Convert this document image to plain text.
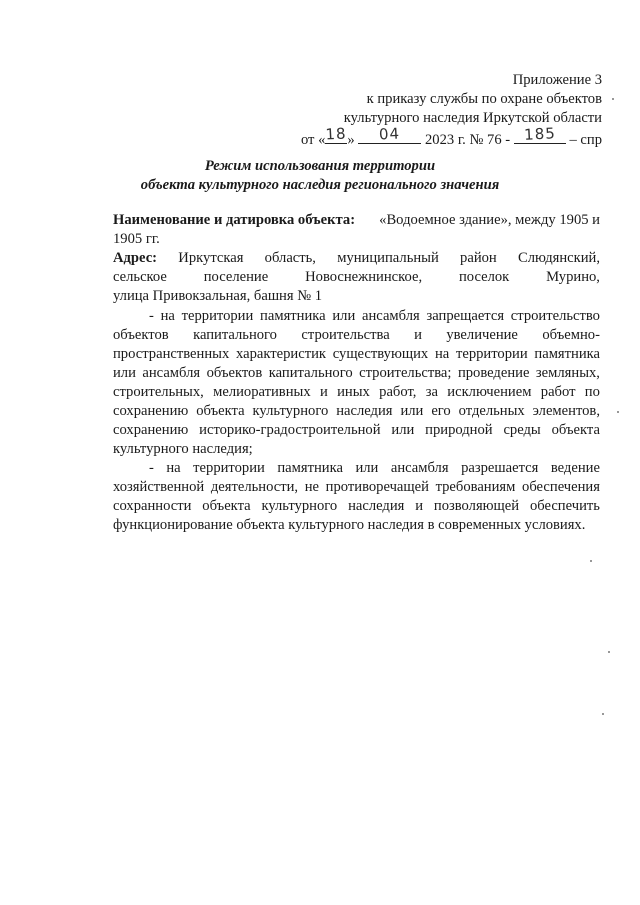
Приложение 3
к приказу службы по охране объектов
культурного наследия Иркутской области
от « 18 »	04	2023 г. № 76 - 185 – спр
Режим использования территории
объекта культурного наследия регионального значения
Наименование и датировка объекта: «Водоемное здание», между 1905 и
1905 гг.
Адрес: Иркутская область, муниципальный район Слюдянский,
сельское	поселение	Новоснежнинское,	поселок	Мурино,
улица Привокзальная, башня № 1
- на территории памятника или ансамбля запрещается строительство
объектов капитального строительства и увеличение объемно-
пространственных характеристик существующих на территории памятника
или ансамбля объектов капитального строительства; проведение земляных,
строительных, мелиоративных и иных работ, за исключением работ по
сохранению объекта культурного наследия или его отдельных элементов,
сохранению историко-градостроительной или природной среды объекта
культурного наследия;
- на территории памятника или ансамбля разрешается ведение
хозяйственной деятельности, не противоречащей требованиям обеспечения
сохранности объекта культурного наследия и позволяющей обеспечить
функционирование объекта культурного наследия в современных условиях.
